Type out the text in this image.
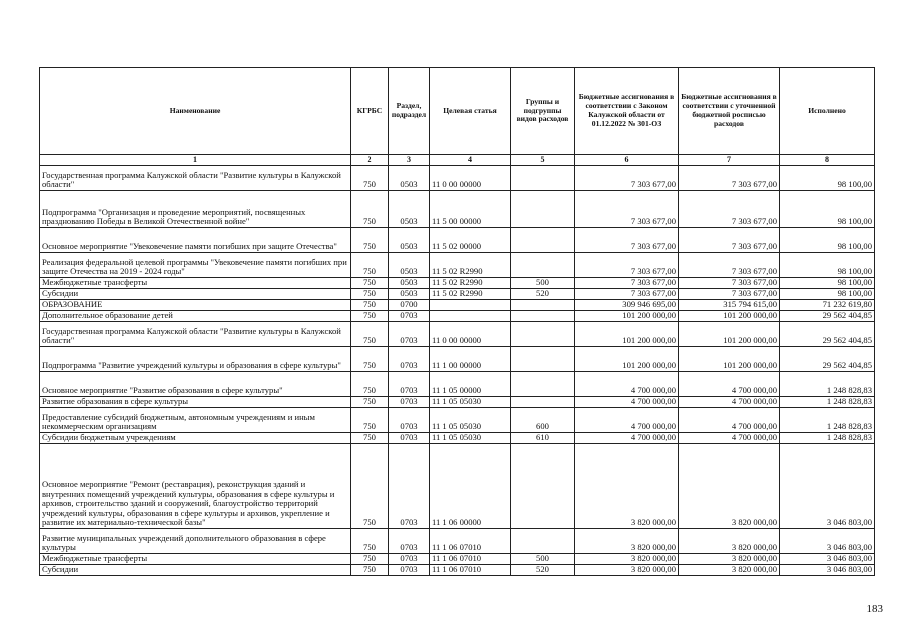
Наименование	КГРБС	Раздел, подраздел	Целевая статья	Группы и подгруппы видов расходов	Бюджетные ассигнования в соответствии с Законом Калужской области от 01.12.2022 № 301-ОЗ	Бюджетные ассигнования в соответствии с уточненной бюджетной росписью расходов	Исполнено
1	2	3	4	5	6	7	8
Государственная программа Калужской области "Развитие культуры в Калужской области"	750	0503	11 0 00 00000		7 303 677,00	7 303 677,00	98 100,00
Подпрограмма "Организация и проведение мероприятий, посвященных празднованию Победы в Великой Отечественной войне"	750	0503	11 5 00 00000		7 303 677,00	7 303 677,00	98 100,00
Основное мероприятие "Увековечение памяти погибших при защите Отечества"	750	0503	11 5 02 00000		7 303 677,00	7 303 677,00	98 100,00
Реализация федеральной целевой программы "Увековечение памяти погибших при защите Отечества на 2019 - 2024 годы"	750	0503	11 5 02 R2990		7 303 677,00	7 303 677,00	98 100,00
Межбюджетные трансферты	750	0503	11 5 02 R2990	500	7 303 677,00	7 303 677,00	98 100,00
Субсидии	750	0503	11 5 02 R2990	520	7 303 677,00	7 303 677,00	98 100,00
ОБРАЗОВАНИЕ	750	0700			309 946 695,00	315 794 615,00	71 232 619,80
Дополнительное образование детей	750	0703			101 200 000,00	101 200 000,00	29 562 404,85
Государственная программа Калужской области "Развитие культуры в Калужской области"	750	0703	11 0 00 00000		101 200 000,00	101 200 000,00	29 562 404,85
Подпрограмма "Развитие учреждений культуры и образования в сфере культуры"	750	0703	11 1 00 00000		101 200 000,00	101 200 000,00	29 562 404,85
Основное мероприятие "Развитие образования в сфере культуры"	750	0703	11 1 05 00000		4 700 000,00	4 700 000,00	1 248 828,83
Развитие образования в сфере культуры	750	0703	11 1 05 05030		4 700 000,00	4 700 000,00	1 248 828,83
Предоставление субсидий бюджетным, автономным учреждениям и иным некоммерческим организациям	750	0703	11 1 05 05030	600	4 700 000,00	4 700 000,00	1 248 828,83
Субсидии бюджетным учреждениям	750	0703	11 1 05 05030	610	4 700 000,00	4 700 000,00	1 248 828,83
Основное мероприятие "Ремонт (реставрация), реконструкция зданий и внутренних помещений учреждений культуры, образования в сфере культуры и архивов, строительство зданий и сооружений, благоустройство территорий учреждений культуры, образования в сфере культуры и архивов, укрепление и развитие их материально-технической базы"	750	0703	11 1 06 00000		3 820 000,00	3 820 000,00	3 046 803,00
Развитие муниципальных учреждений дополнительного образования в сфере культуры	750	0703	11 1 06 07010		3 820 000,00	3 820 000,00	3 046 803,00
Межбюджетные трансферты	750	0703	11 1 06 07010	500	3 820 000,00	3 820 000,00	3 046 803,00
Субсидии	750	0703	11 1 06 07010	520	3 820 000,00	3 820 000,00	3 046 803,00
183
